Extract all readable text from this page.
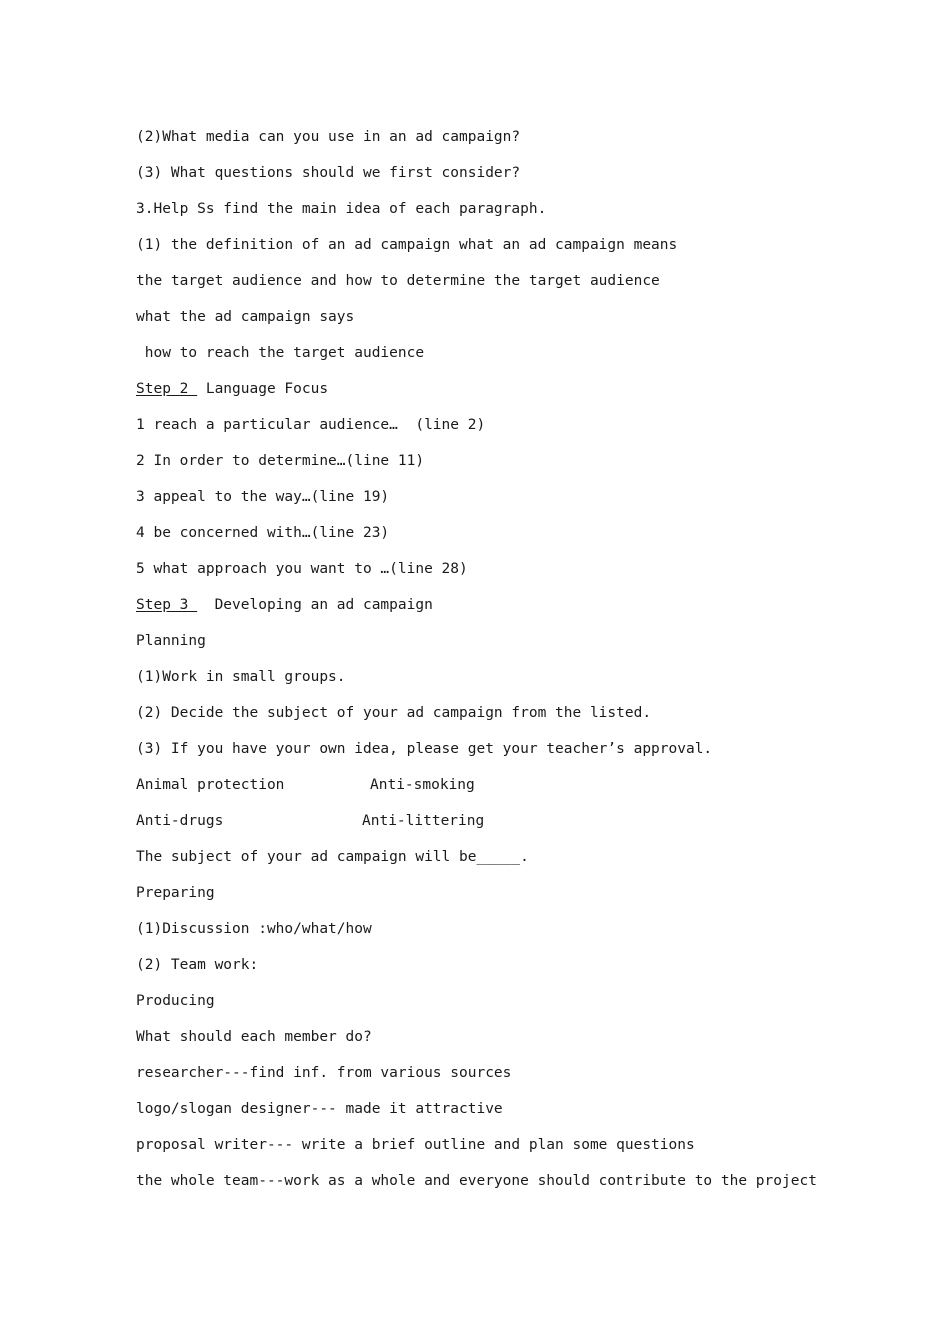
(2)What media can you use in an ad campaign?
(3) What questions should we first consider?
3.Help Ss find the main idea of each paragraph.
(1) the definition of an ad campaign what an ad campaign means
the target audience and how to determine the target audience
what the ad campaign says
how to reach the target audience
Step 2  Language Focus
1 reach a particular audience…  (line 2)
2 In order to determine…(line 11)
3 appeal to the way…(line 19)
4 be concerned with…(line 23)
5 what approach you want to …(line 28)
Step 3   Developing an ad campaign
Planning
(1)Work in small groups.
(2) Decide the subject of your ad campaign from the listed.
(3) If you have your own idea, please get your teacher’s approval.
Animal protection	Anti-smoking
Anti-drugs	Anti-littering
The subject of your ad campaign will be_____.
Preparing
(1)Discussion :who/what/how
(2) Team work:
Producing
What should each member do?
researcher---find inf. from various sources
logo/slogan designer--- made it attractive
proposal writer--- write a brief outline and plan some questions
the whole team---work as a whole and everyone should contribute to the project
